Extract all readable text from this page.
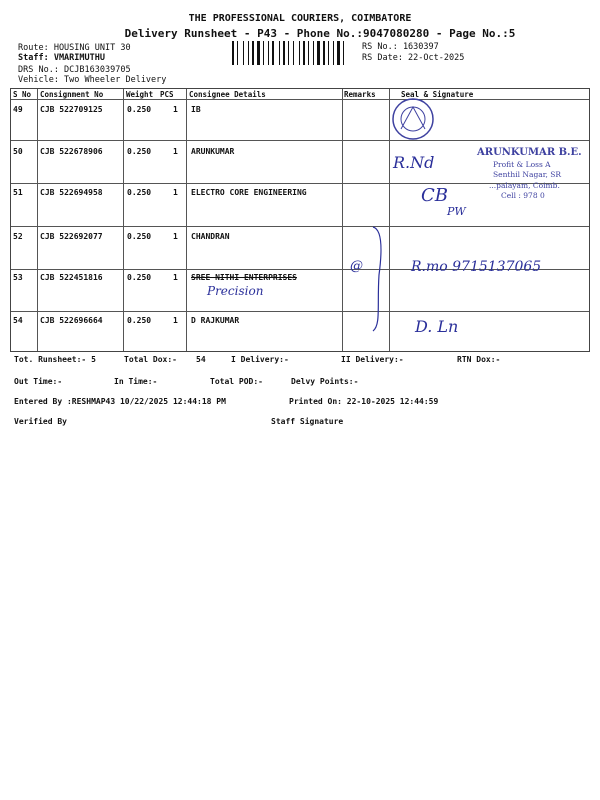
THE PROFESSIONAL COURIERS, COIMBATORE
Delivery Runsheet - P43 - Phone No.:9047080280 - Page No.:5
Route: HOUSING UNIT 30
Staff: VMARIMUTHU
DRS No.: DCJB163039705
Vehicle: Two Wheeler Delivery
RS No.: 1630397
RS Date: 22-Oct-2025
S No Consignment No	Weight PCS Consignee Details	Remarks	Seal & Signature
49 CJB 522709125	0.250	1 IB
50 CJB 522678906	0.250	1 ARUNKUMAR
51 CJB 522694958	0.250	1 ELECTRO CORE ENGINEERING
52 CJB 522692077	0.250	1 CHANDRAN
53 CJB 522451816	0.250	1 SREE NITHI ENTERPRISES
Precision
54 CJB 522696664	0.250	1 D RAJKUMAR
@
ARUNKUMAR B.E.
Profit & Loss A
Senthil Nagar, SR
...palayam, Coimb.
Cell : 978 0
R.Nd
CB
PW
R.mo 9715137065
D. Ln
Tot. Runsheet:- 5	Total Dox:- 54	I Delivery:-	II Delivery:-	RTN Dox:-
Out Time:-	In Time:-	Total POD:-	Delvy Points:-
Entered By :RESHMAP43 10/22/2025 12:44:18 PM	Printed On: 22-10-2025 12:44:59
Verified By	Staff Signature
